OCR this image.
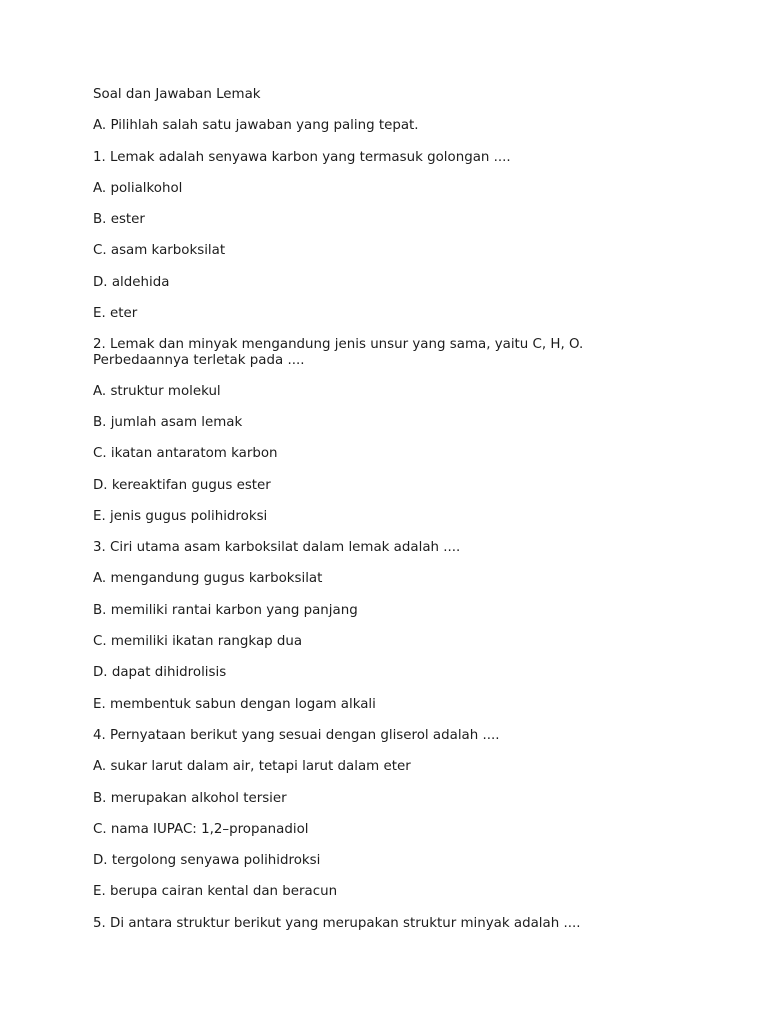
Soal dan Jawaban Lemak
A. Pilihlah salah satu jawaban yang paling tepat.
1. Lemak adalah senyawa karbon yang termasuk golongan ....
A. polialkohol
B. ester
C. asam karboksilat
D. aldehida
E. eter
2. Lemak dan minyak mengandung jenis unsur yang sama, yaitu C, H, O.
Perbedaannya terletak pada ....
A. struktur molekul
B. jumlah asam lemak
C. ikatan antaratom karbon
D. kereaktifan gugus ester
E. jenis gugus polihidroksi
3. Ciri utama asam karboksilat dalam lemak adalah ....
A. mengandung gugus karboksilat
B. memiliki rantai karbon yang panjang
C. memiliki ikatan rangkap dua
D. dapat dihidrolisis
E. membentuk sabun dengan logam alkali
4. Pernyataan berikut yang sesuai dengan gliserol adalah ....
A. sukar larut dalam air, tetapi larut dalam eter
B. merupakan alkohol tersier
C. nama IUPAC: 1,2–propanadiol
D. tergolong senyawa polihidroksi
E. berupa cairan kental dan beracun
5. Di antara struktur berikut yang merupakan struktur minyak adalah ....
